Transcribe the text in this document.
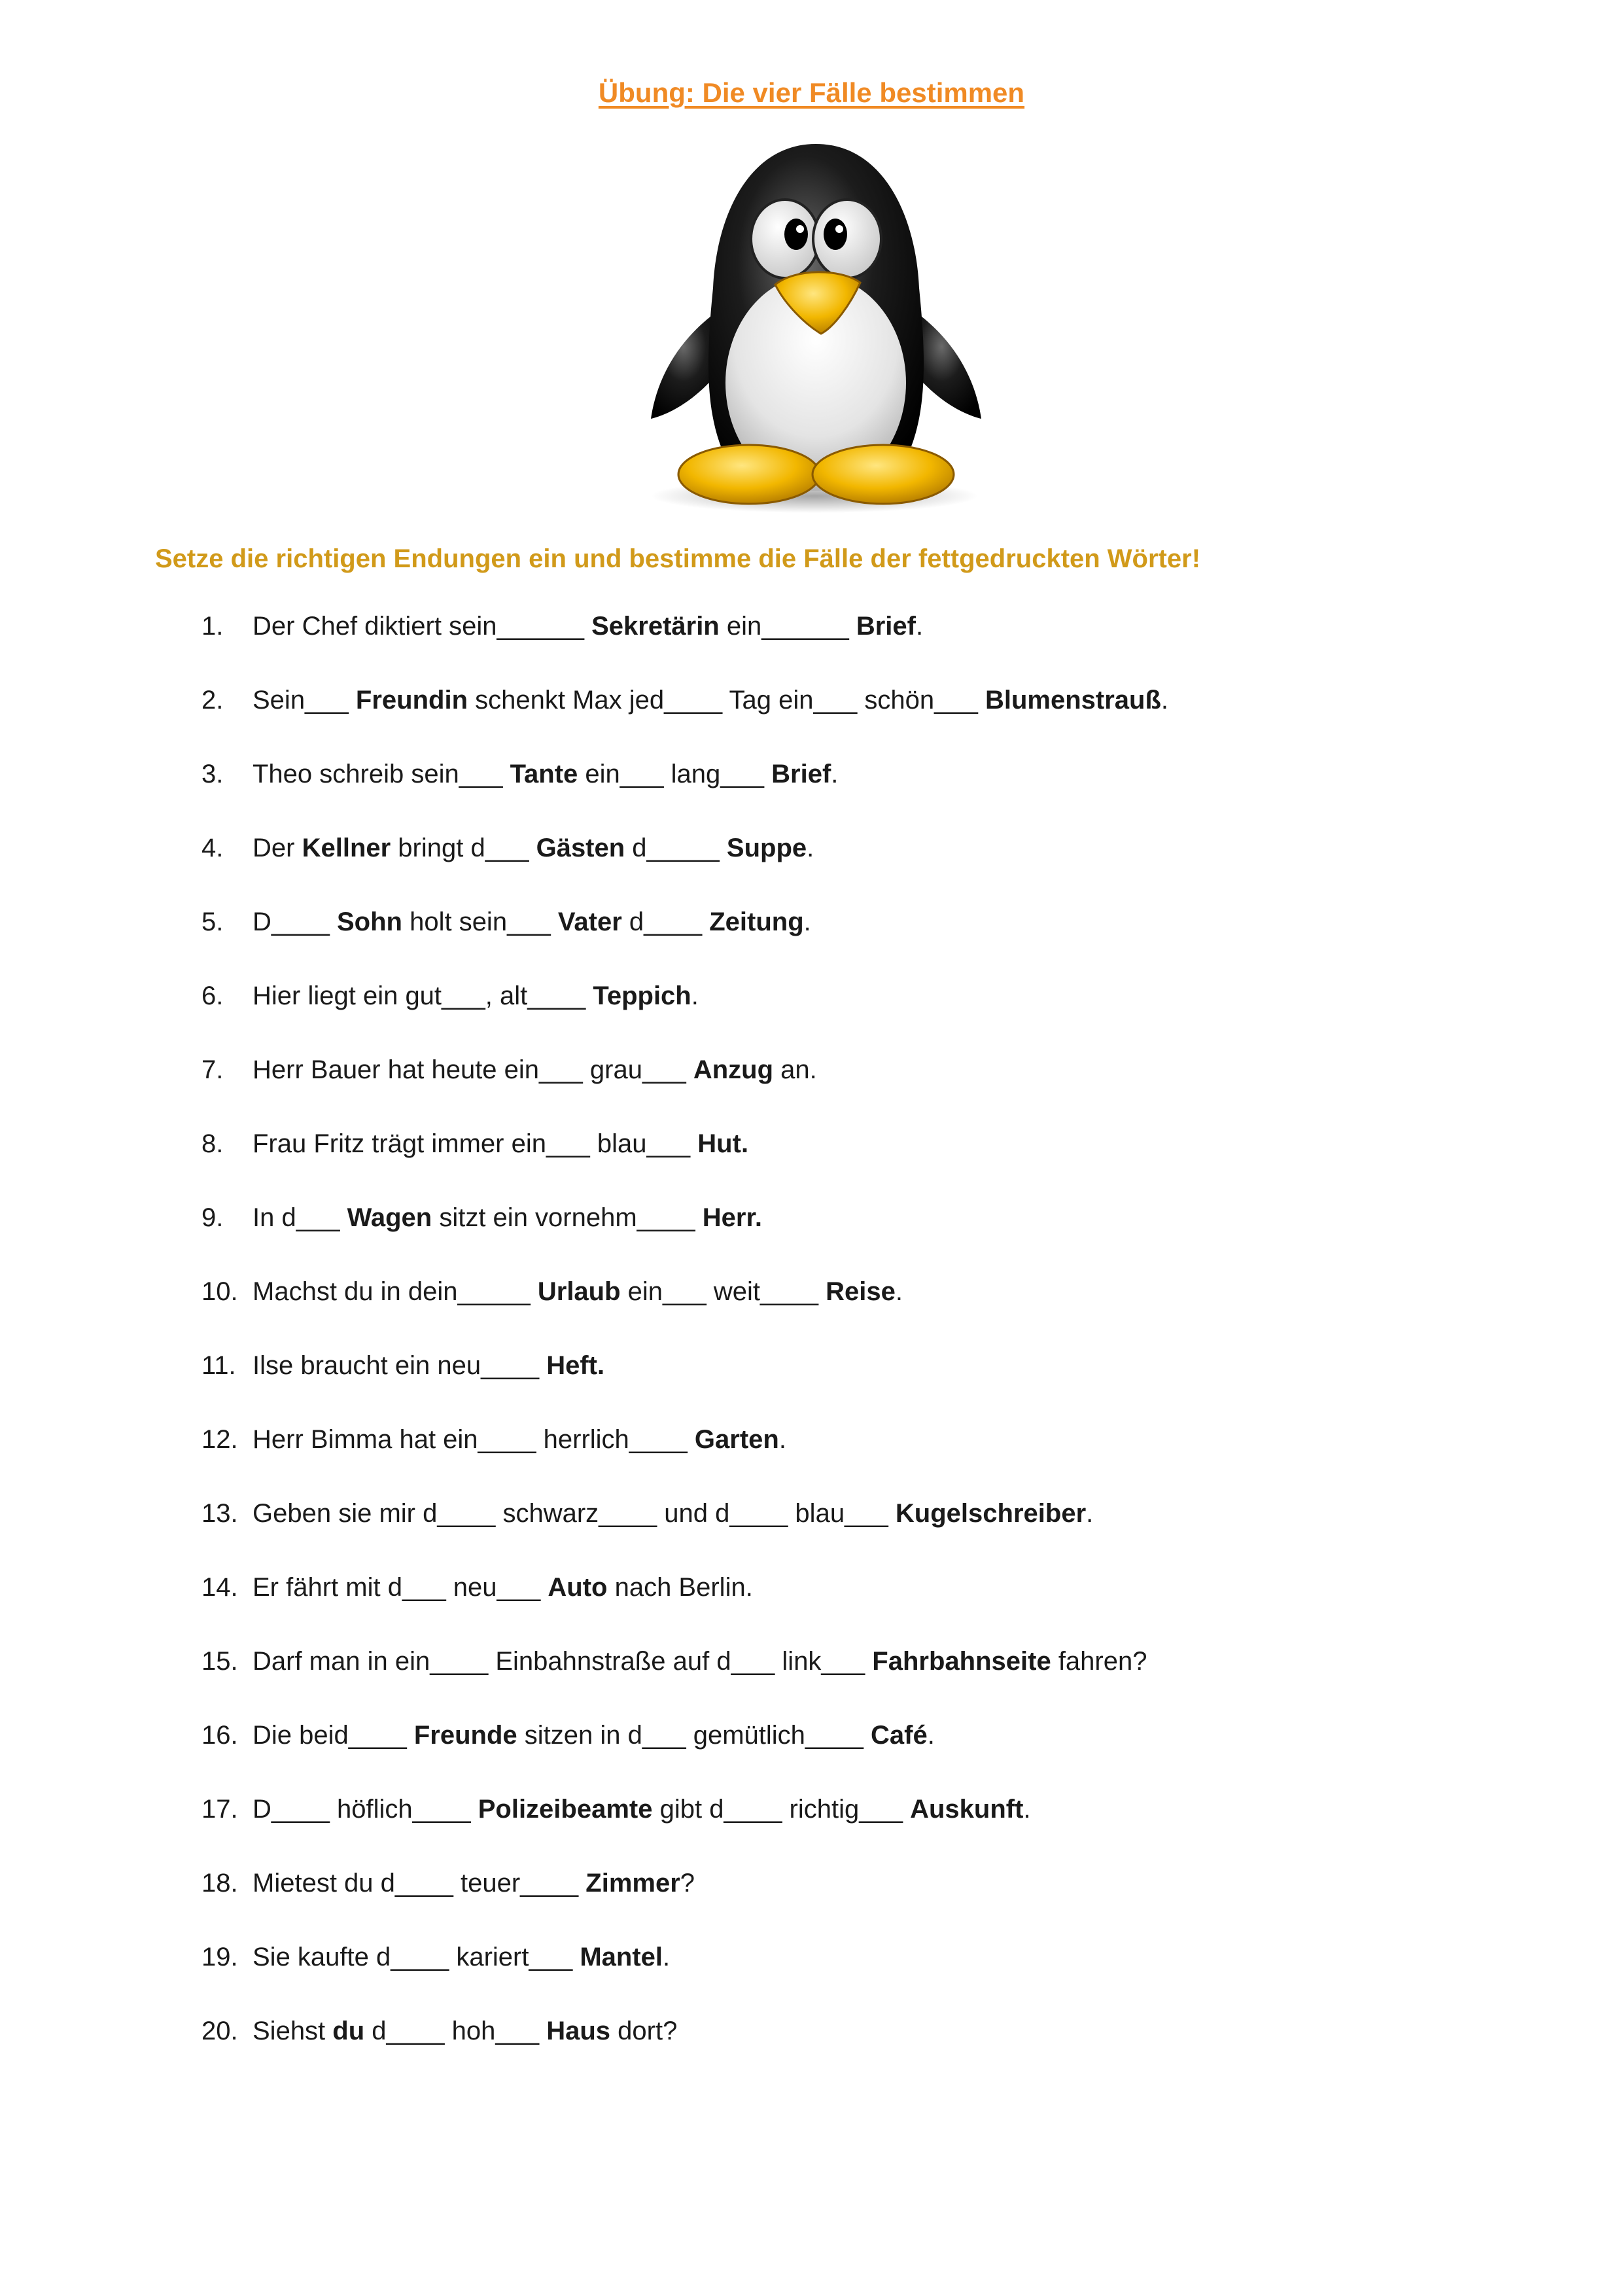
Übung: Die vier Fälle bestimmen
Setze die richtigen Endungen ein und bestimme die Fälle der fettgedruckten Wörter!
1. Der Chef diktiert sein______ Sekretärin ein______ Brief.
2. Sein___ Freundin schenkt Max jed____ Tag ein___ schön___ Blumenstrauß.
3. Theo schreib sein___ Tante ein___ lang___ Brief.
4. Der Kellner bringt d___ Gästen d_____ Suppe.
5. D____ Sohn holt sein___ Vater d____ Zeitung.
6. Hier liegt ein gut___, alt____ Teppich.
7. Herr Bauer hat heute ein___ grau___ Anzug an.
8. Frau Fritz trägt immer ein___ blau___ Hut.
9. In d___ Wagen sitzt ein vornehm____ Herr.
10. Machst du in dein_____ Urlaub ein___ weit____ Reise.
11. Ilse braucht ein neu____ Heft.
12. Herr Bimma hat ein____ herrlich____ Garten.
13. Geben sie mir d____ schwarz____ und d____ blau___ Kugelschreiber.
14. Er fährt mit d___ neu___ Auto nach Berlin.
15. Darf man in ein____ Einbahnstraße auf d___ link___ Fahrbahnseite fahren?
16. Die beid____ Freunde sitzen in d___ gemütlich____ Café.
17. D____ höflich____ Polizeibeamte gibt d____ richtig___ Auskunft.
18. Mietest du d____ teuer____ Zimmer?
19. Sie kaufte d____ kariert___ Mantel.
20. Siehst du d____ hoh___ Haus dort?
